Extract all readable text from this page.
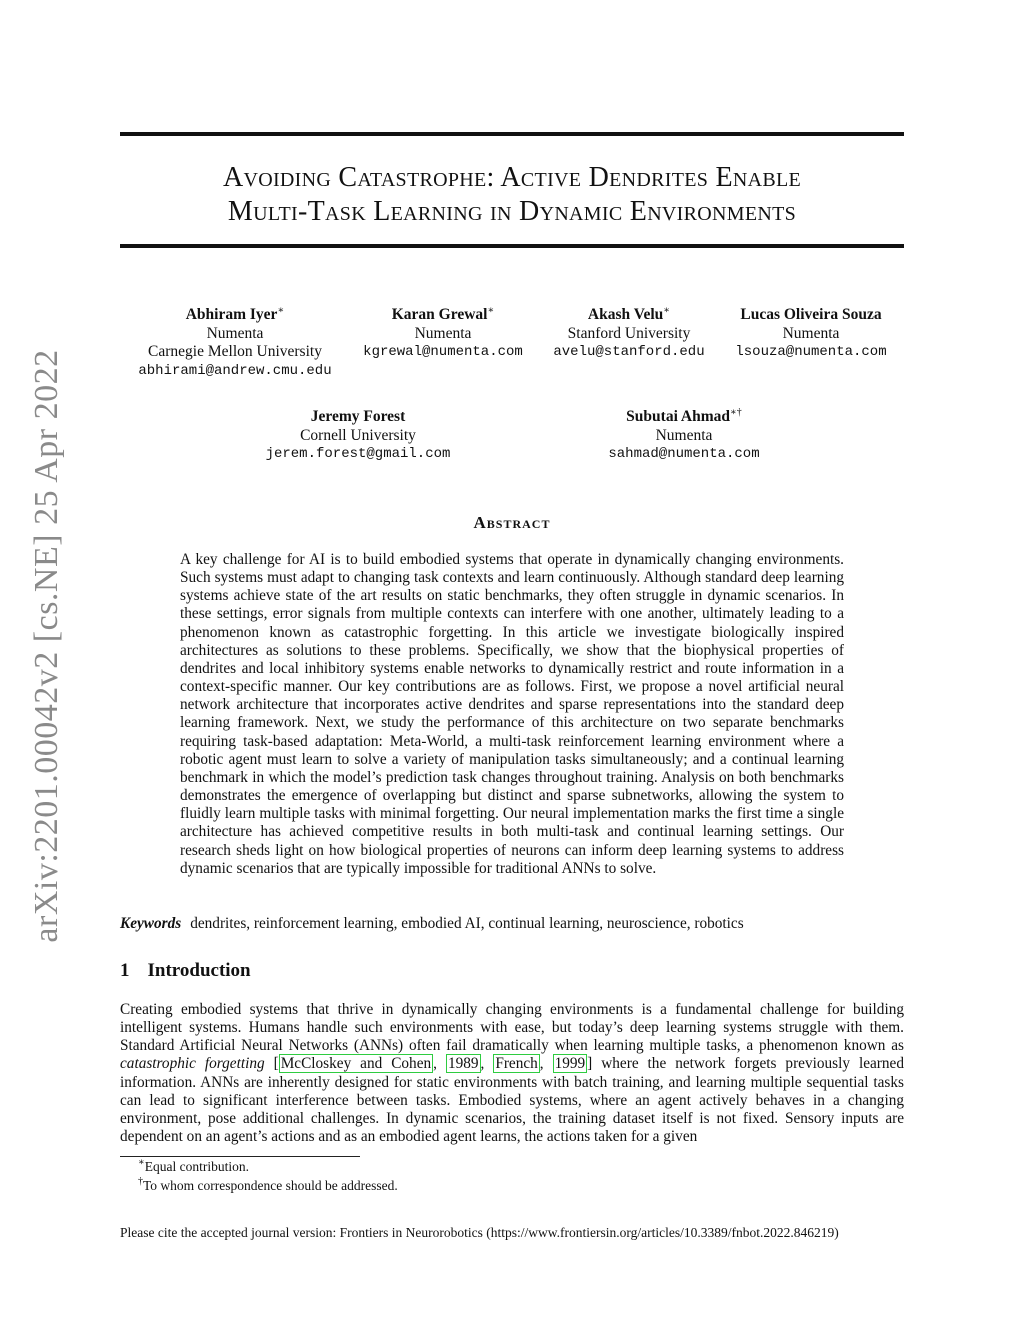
arXiv:2201.00042v2 [cs.NE] 25 Apr 2022
Avoiding Catastrophe: Active Dendrites Enable
Multi-Task Learning in Dynamic Environments
Abhiram Iyer∗
Numenta
Carnegie Mellon University
abhirami@andrew.cmu.edu
Karan Grewal∗
Numenta
kgrewal@numenta.com
Akash Velu∗
Stanford University
avelu@stanford.edu
Lucas Oliveira Souza
Numenta
lsouza@numenta.com
Jeremy Forest
Cornell University
jerem.forest@gmail.com
Subutai Ahmad∗†
Numenta
sahmad@numenta.com
Abstract
A key challenge for AI is to build embodied systems that operate in dynamically changing environments. Such systems must adapt to changing task contexts and learn continuously. Although standard deep learning systems achieve state of the art results on static benchmarks, they often struggle in dynamic scenarios. In these settings, error signals from multiple contexts can interfere with one another, ultimately leading to a phenomenon known as catastrophic forgetting. In this article we investigate biologically inspired architectures as solutions to these problems. Specifically, we show that the biophysical properties of dendrites and local inhibitory systems enable networks to dynamically restrict and route information in a context-specific manner. Our key contributions are as follows. First, we propose a novel artificial neural network architecture that incorporates active dendrites and sparse representations into the standard deep learning framework. Next, we study the performance of this architecture on two separate benchmarks requiring task-based adaptation: Meta-World, a multi-task reinforcement learning environment where a robotic agent must learn to solve a variety of manipulation tasks simultaneously; and a continual learning benchmark in which the model’s prediction task changes throughout training. Analysis on both benchmarks demonstrates the emergence of overlapping but distinct and sparse subnetworks, allowing the system to fluidly learn multiple tasks with minimal forgetting. Our neural implementation marks the first time a single architecture has achieved competitive results in both multi-task and continual learning settings. Our research sheds light on how biological properties of neurons can inform deep learning systems to address dynamic scenarios that are typically impossible for traditional ANNs to solve.
Keywords dendrites, reinforcement learning, embodied AI, continual learning, neuroscience, robotics
1 Introduction
Creating embodied systems that thrive in dynamically changing environments is a fundamental challenge for building intelligent systems. Humans handle such environments with ease, but today’s deep learning systems struggle with them. Standard Artificial Neural Networks (ANNs) often fail dramatically when learning multiple tasks, a phenomenon known as catastrophic forgetting [ McCloskey and Cohen , 1989 , French , 1999 ] where the network forgets previously learned information. ANNs are inherently designed for static environments with batch training, and learning multiple sequential tasks can lead to significant interference between tasks. Embodied systems, where an agent actively behaves in a changing environment, pose additional challenges. In dynamic scenarios, the training dataset itself is not fixed. Sensory inputs are dependent on an agent’s actions and as an embodied agent learns, the actions taken for a given
∗Equal contribution.
†To whom correspondence should be addressed.
Please cite the accepted journal version: Frontiers in Neurorobotics (https://www.frontiersin.org/articles/10.3389/fnbot.2022.846219)
